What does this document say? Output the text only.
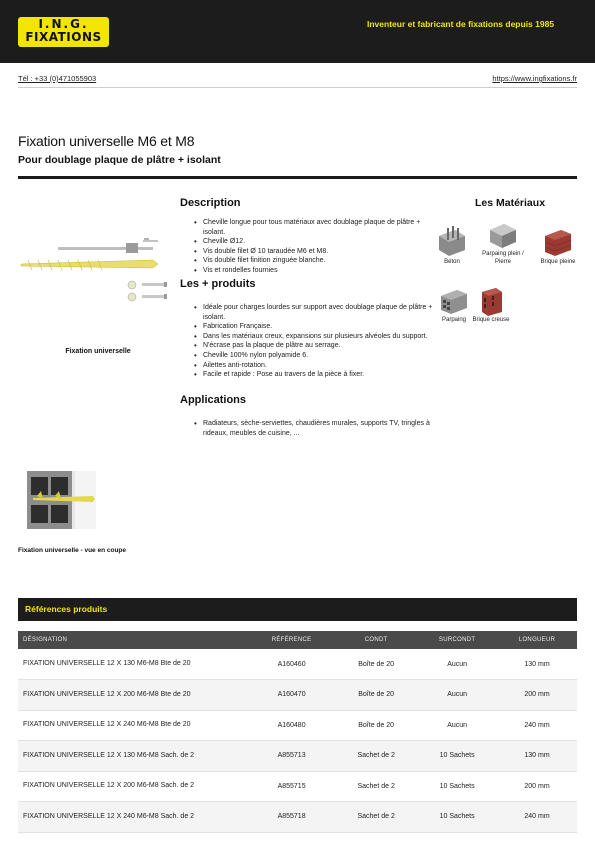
I.N.G.
FIXATIONS
Inventeur et fabricant de fixations depuis 1985
Tél : +33 (0)471055903	https://www.ingfixations.fr
Fixation universelle M6 et M8
Pour doublage plaque de plâtre + isolant
M8
Fixation universelle
Fixation universelle - vue en coupe
Description
• Cheville longue pour tous matériaux avec doublage plaque de plâtre + isolant.
• Cheville Ø12.
• Vis double filet Ø 10 taraudée M6 et M8.
• Vis double filet finition zinguée blanche.
• Vis et rondelles fournies
Les + produits
• Idéale pour charges lourdes sur support avec doublage plaque de plâtre + isolant.
• Fabrication Française.
• Dans les matériaux creux, expansions sur plusieurs alvéoles du support.
• N'écrase pas la plaque de plâtre au serrage.
• Cheville 100% nylon polyamide 6.
• Ailettes anti-rotation.
• Facile et rapide : Pose au travers de la pièce à fixer.
Applications
• Radiateurs, sèche-serviettes, chaudières murales, supports TV, tringles à rideaux, meubles de cuisine, ...
Les Matériaux
Béton
Parpaing plein / Pierre	Brique pleine
Parpaing	Brique creuse
Références produits
DÉSIGNATION	RÉFÉRENCE	CONDT	SURCONDT	LONGUEUR
FIXATION UNIVERSELLE 12 X 130 M6-M8 Bte de 20	A160460	Boîte de 20	Aucun	130 mm
FIXATION UNIVERSELLE 12 X 200 M6-M8 Bte de 20	A160470	Boîte de 20	Aucun	200 mm
FIXATION UNIVERSELLE 12 X 240 M6-M8 Bte de 20	A160480	Boîte de 20	Aucun	240 mm
FIXATION UNIVERSELLE 12 X 130 M6-M8 Sach. de 2	A855713	Sachet de 2	10 Sachets	130 mm
FIXATION UNIVERSELLE 12 X 200 M6-M8 Sach. de 2	A855715	Sachet de 2	10 Sachets	200 mm
FIXATION UNIVERSELLE 12 X 240 M6-M8 Sach. de 2	A855718	Sachet de 2	10 Sachets	240 mm
